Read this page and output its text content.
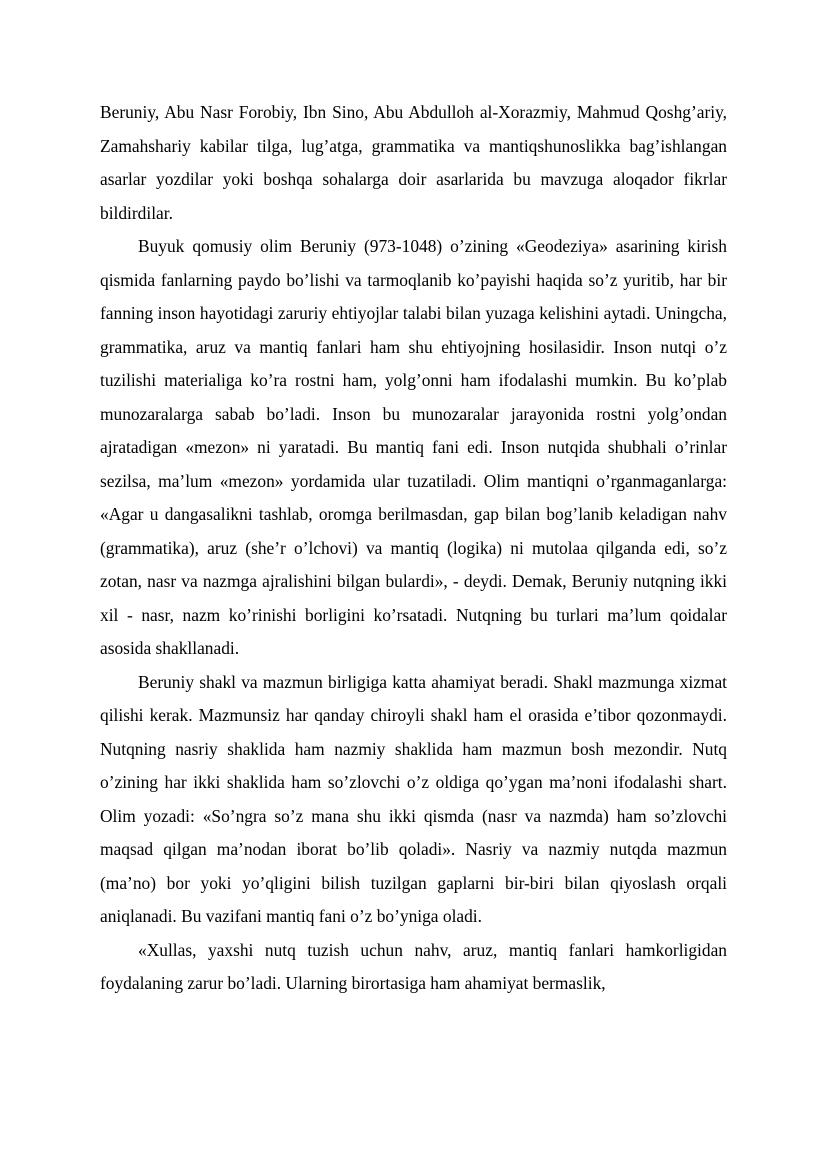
Beruniy, Abu Nasr Forobiy, Ibn Sino, Abu Abdulloh al-Xorazmiy, Mahmud Qoshg’ariy, Zamahshariy kabilar tilga, lug’atga, grammatika va mantiqshunoslikka bag’ishlangan asarlar yozdilar yoki boshqa sohalarga doir asarlarida bu mavzuga aloqador fikrlar bildirdilar.

Buyuk qomusiy olim Beruniy (973-1048) o’zining «Geodeziya» asarining kirish qismida fanlarning paydo bo’lishi va tarmoqlanib ko’payishi haqida so’z yuritib, har bir fanning inson hayotidagi zaruriy ehtiyojlar talabi bilan yuzaga kelishini aytadi. Uningcha, grammatika, aruz va mantiq fanlari ham shu ehtiyojning hosilasidir. Inson nutqi o’z tuzilishi materialiga ko’ra rostni ham, yolg’onni ham ifodalashi mumkin. Bu ko’plab munozaralarga sabab bo’ladi. Inson bu munozaralar jarayonida rostni yolg’ondan ajratadigan «mezon» ni yaratadi. Bu mantiq fani edi. Inson nutqida shubhali o’rinlar sezilsa, ma’lum «mezon» yordamida ular tuzatiladi. Olim mantiqni o’rganmaganlarga: «Agar u dangasalikni tashlab, oromga berilmasdan, gap bilan bog’lanib keladigan nahv (grammatika), aruz (she’r o’lchovi) va mantiq (logika) ni mutolaa qilganda edi, so’z zotan, nasr va nazmga ajralishini bilgan bulardi», - deydi. Demak, Beruniy nutqning ikki xil - nasr, nazm ko’rinishi borligini ko’rsatadi. Nutqning bu turlari ma’lum qoidalar asosida shakllanadi.

Beruniy shakl va mazmun birligiga katta ahamiyat beradi. Shakl mazmunga xizmat qilishi kerak. Mazmunsiz har qanday chiroyli shakl ham el orasida e’tibor qozonmaydi. Nutqning nasriy shaklida ham nazmiy shaklida ham mazmun bosh mezondir. Nutq o’zining har ikki shaklida ham so’zlovchi o’z oldiga qo’ygan ma’noni ifodalashi shart. Olim yozadi: «So’ngra so’z mana shu ikki qismda (nasr va nazmda) ham so’zlovchi maqsad qilgan ma’nodan iborat bo’lib qoladi». Nasriy va nazmiy nutqda mazmun (ma’no) bor yoki yo’qligini bilish tuzilgan gaplarni bir-biri bilan qiyoslash orqali aniqlanadi. Bu vazifani mantiq fani o’z bo’yniga oladi.

«Xullas, yaxshi nutq tuzish uchun nahv, aruz, mantiq fanlari hamkorligidan foydalaning zarur bo’ladi. Ularning birortasiga ham ahamiyat bermaslik,
